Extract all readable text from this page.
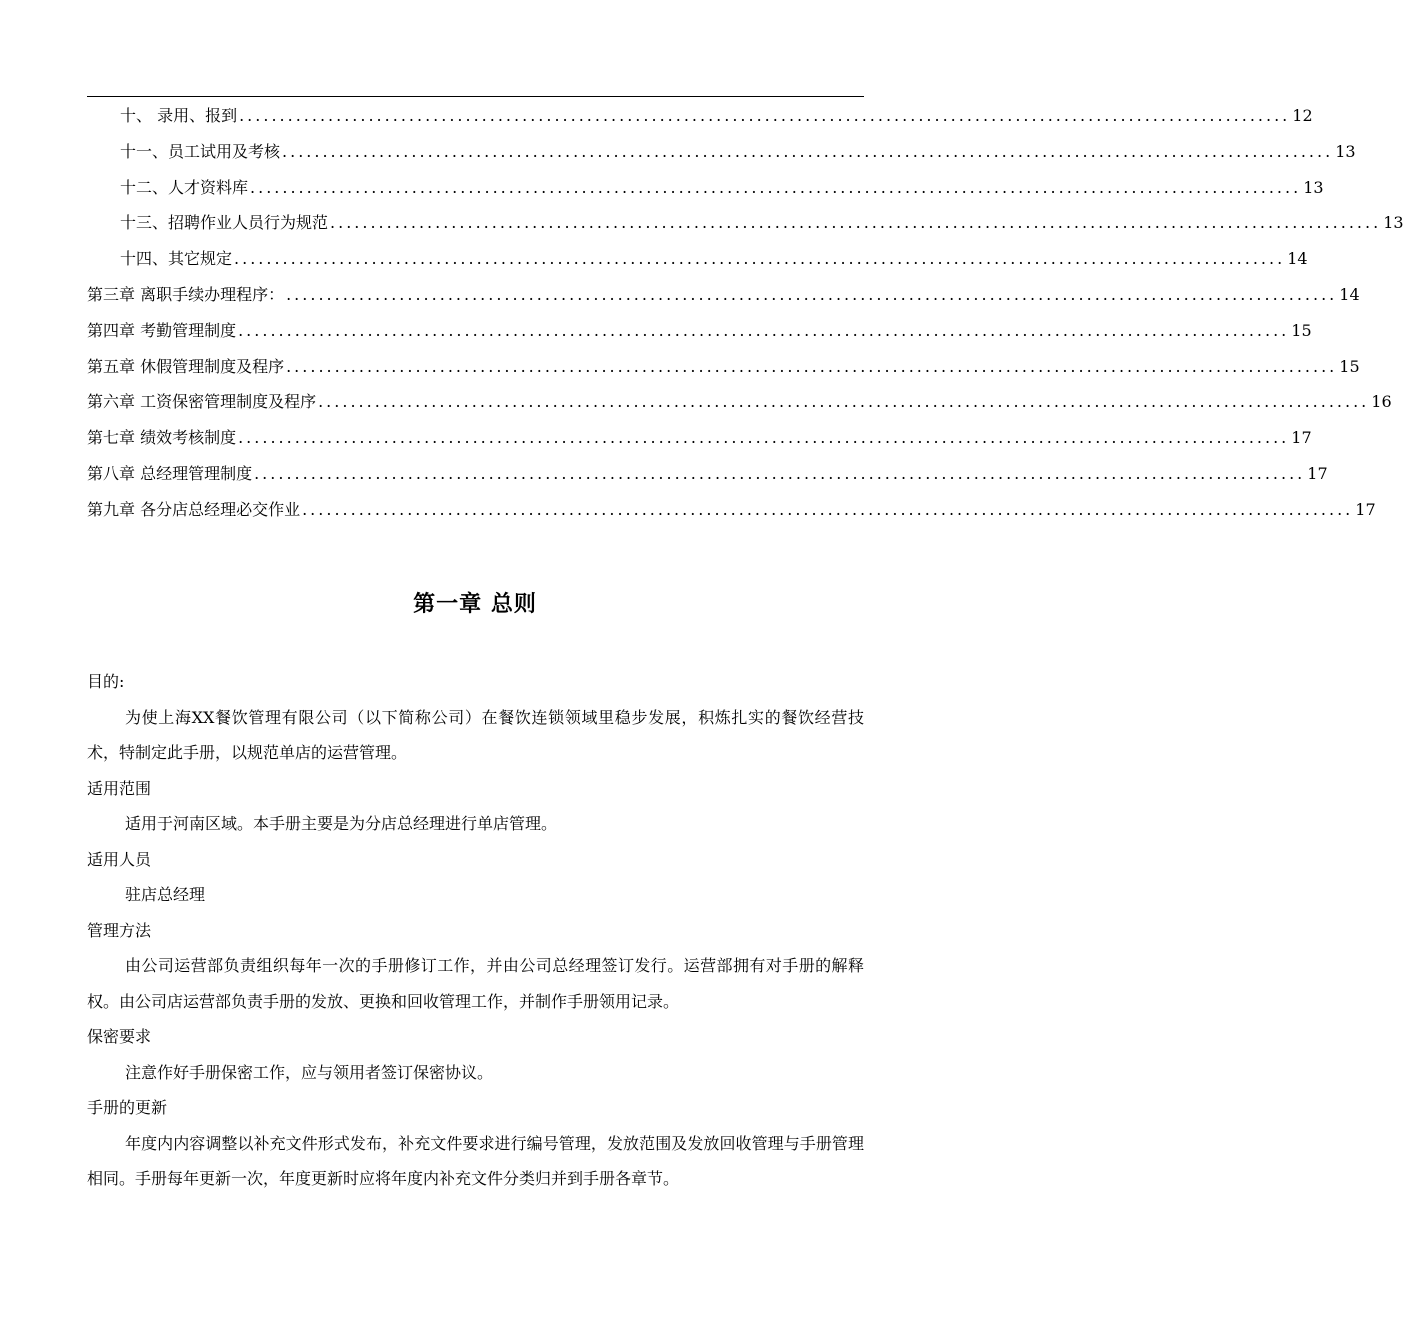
十、 录用、报到 .................................................................................................................................. 12
十一、员工试用及考核 .................................................................................................................................. 13
十二、人才资料库 .................................................................................................................................. 13
十三、招聘作业人员行为规范 .................................................................................................................................. 13
十四、其它规定 .................................................................................................................................. 14
第三章 离职手续办理程序： .................................................................................................................................. 14
第四章 考勤管理制度 .................................................................................................................................. 15
第五章 休假管理制度及程序 .................................................................................................................................. 15
第六章 工资保密管理制度及程序 .................................................................................................................................. 16
第七章 绩效考核制度 .................................................................................................................................. 17
第八章 总经理管理制度 .................................................................................................................................. 17
第九章 各分店总经理必交作业 .................................................................................................................................. 17
第一章 总则

目的:

为使上海XX餐饮管理有限公司（以下简称公司）在餐饮连锁领域里稳步发展，积炼扎实的餐饮经营技术，特制定此手册，以规范单店的运营管理。

适用范围

适用于河南区域。本手册主要是为分店总经理进行单店管理。

适用人员

驻店总经理

管理方法

由公司运营部负责组织每年一次的手册修订工作，并由公司总经理签订发行。运营部拥有对手册的解释权。由公司店运营部负责手册的发放、更换和回收管理工作，并制作手册领用记录。

保密要求

注意作好手册保密工作，应与领用者签订保密协议。

手册的更新

年度内内容调整以补充文件形式发布，补充文件要求进行编号管理，发放范围及发放回收管理与手册管理相同。手册每年更新一次，年度更新时应将年度内补充文件分类归并到手册各章节。
